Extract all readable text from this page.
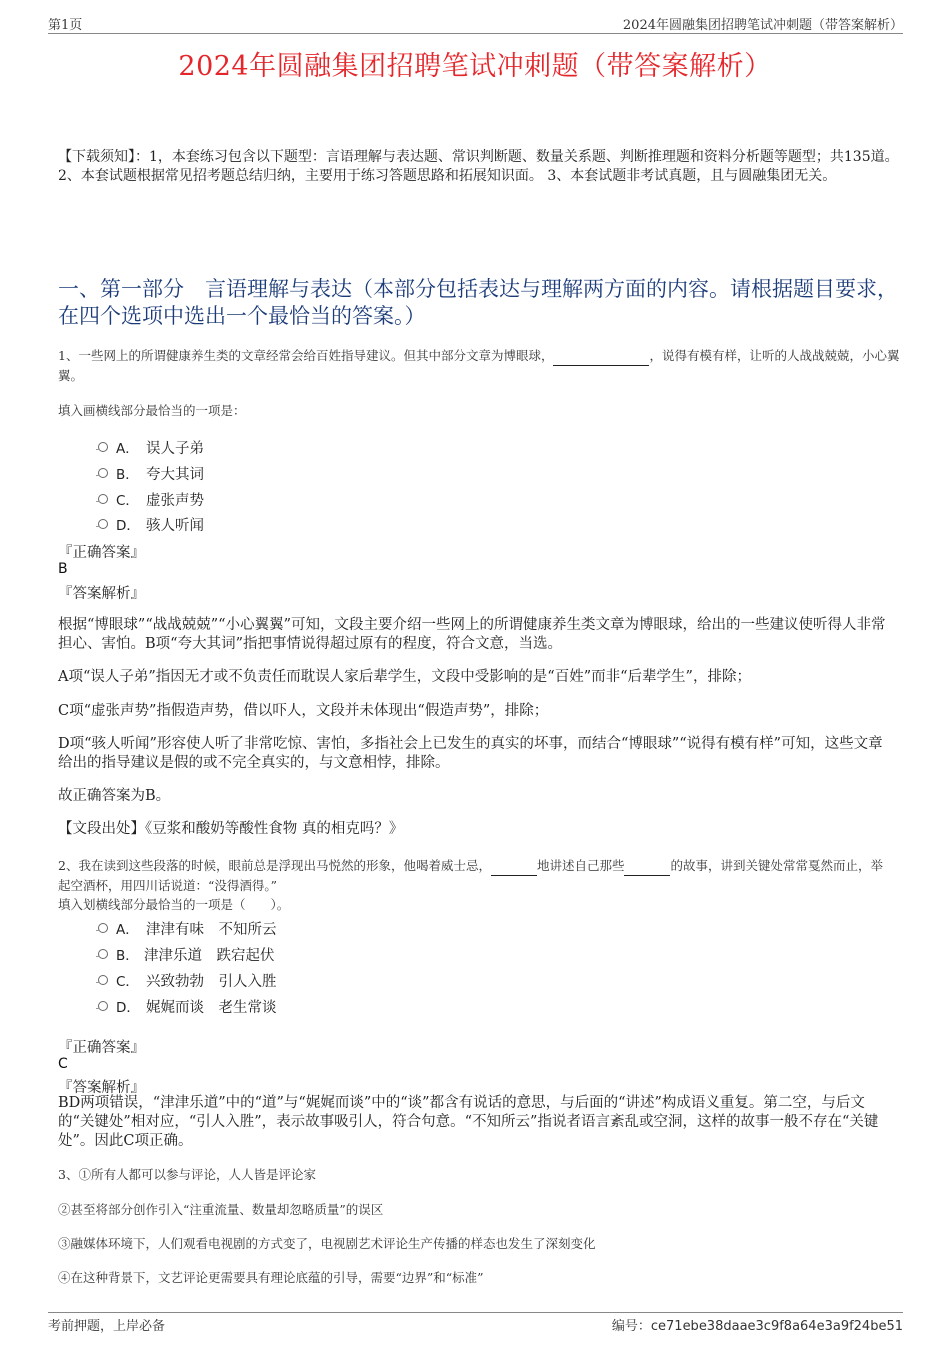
第1页	2024年圆融集团招聘笔试冲刺题（带答案解析）
2024年圆融集团招聘笔试冲刺题（带答案解析）
【下载须知】：1，本套练习包含以下题型：言语理解与表达题、常识判断题、数量关系题、判断推理题和资料分析题等题型；共135道。 2、本套试题根据常见招考题总结归纳，主要用于练习答题思路和拓展知识面。 3、本套试题非考试真题，且与圆融集团无关。
一、第一部分　言语理解与表达（本部分包括表达与理解两方面的内容。请根据题目要求，在四个选项中选出一个最恰当的答案。）
1、一些网上的所谓健康养生类的文章经常会给百姓指导建议。但其中部分文章为博眼球，	，说得有模有样，让听的人战战兢兢，小心翼翼。
填入画横线部分最恰当的一项是：
A． 误人子弟
B． 夸大其词
C． 虚张声势
D． 骇人听闻
『正确答案』
B
『答案解析』
根据“博眼球”“战战兢兢”“小心翼翼”可知，文段主要介绍一些网上的所谓健康养生类文章为博眼球，给出的一些建议使听得人非常担心、害怕。B项“夸大其词”指把事情说得超过原有的程度，符合文意，当选。
A项“误人子弟”指因无才或不负责任而耽误人家后辈学生，文段中受影响的是“百姓”而非“后辈学生”，排除；
C项“虚张声势”指假造声势，借以吓人，文段并未体现出“假造声势”，排除；
D项“骇人听闻”形容使人听了非常吃惊、害怕，多指社会上已发生的真实的坏事，而结合“博眼球”“说得有模有样”可知，这些文章给出的指导建议是假的或不完全真实的，与文意相悖，排除。
故正确答案为B。
【文段出处】《豆浆和酸奶等酸性食物 真的相克吗？》
2、我在读到这些段落的时候，眼前总是浮现出马悦然的形象，他喝着威士忌，	地讲述自己那些	的故事，讲到关键处常常戛然而止，举起空酒杯，用四川话说道：“没得酒得。”
填入划横线部分最恰当的一项是（　　）。
A． 津津有味　不知所云
B． 津津乐道　跌宕起伏
C． 兴致勃勃　引人入胜
D． 娓娓而谈　老生常谈
『正确答案』
C
『答案解析』
BD两项错误，“津津乐道”中的“道”与“娓娓而谈”中的“谈”都含有说话的意思，与后面的“讲述”构成语义重复。第二空，与后文的“关键处”相对应，“引人入胜”，表示故事吸引人，符合句意。“不知所云”指说者语言紊乱或空洞，这样的故事一般不存在“关键处”。因此C项正确。
3、①所有人都可以参与评论，人人皆是评论家
②甚至将部分创作引入“注重流量、数量却忽略质量”的误区
③融媒体环境下，人们观看电视剧的方式变了，电视剧艺术评论生产传播的样态也发生了深刻变化
④在这种背景下，文艺评论更需要具有理论底蕴的引导，需要“边界”和“标准”
考前押题，上岸必备	编号：ce71ebe38daae3c9f8a64e3a9f24be51
